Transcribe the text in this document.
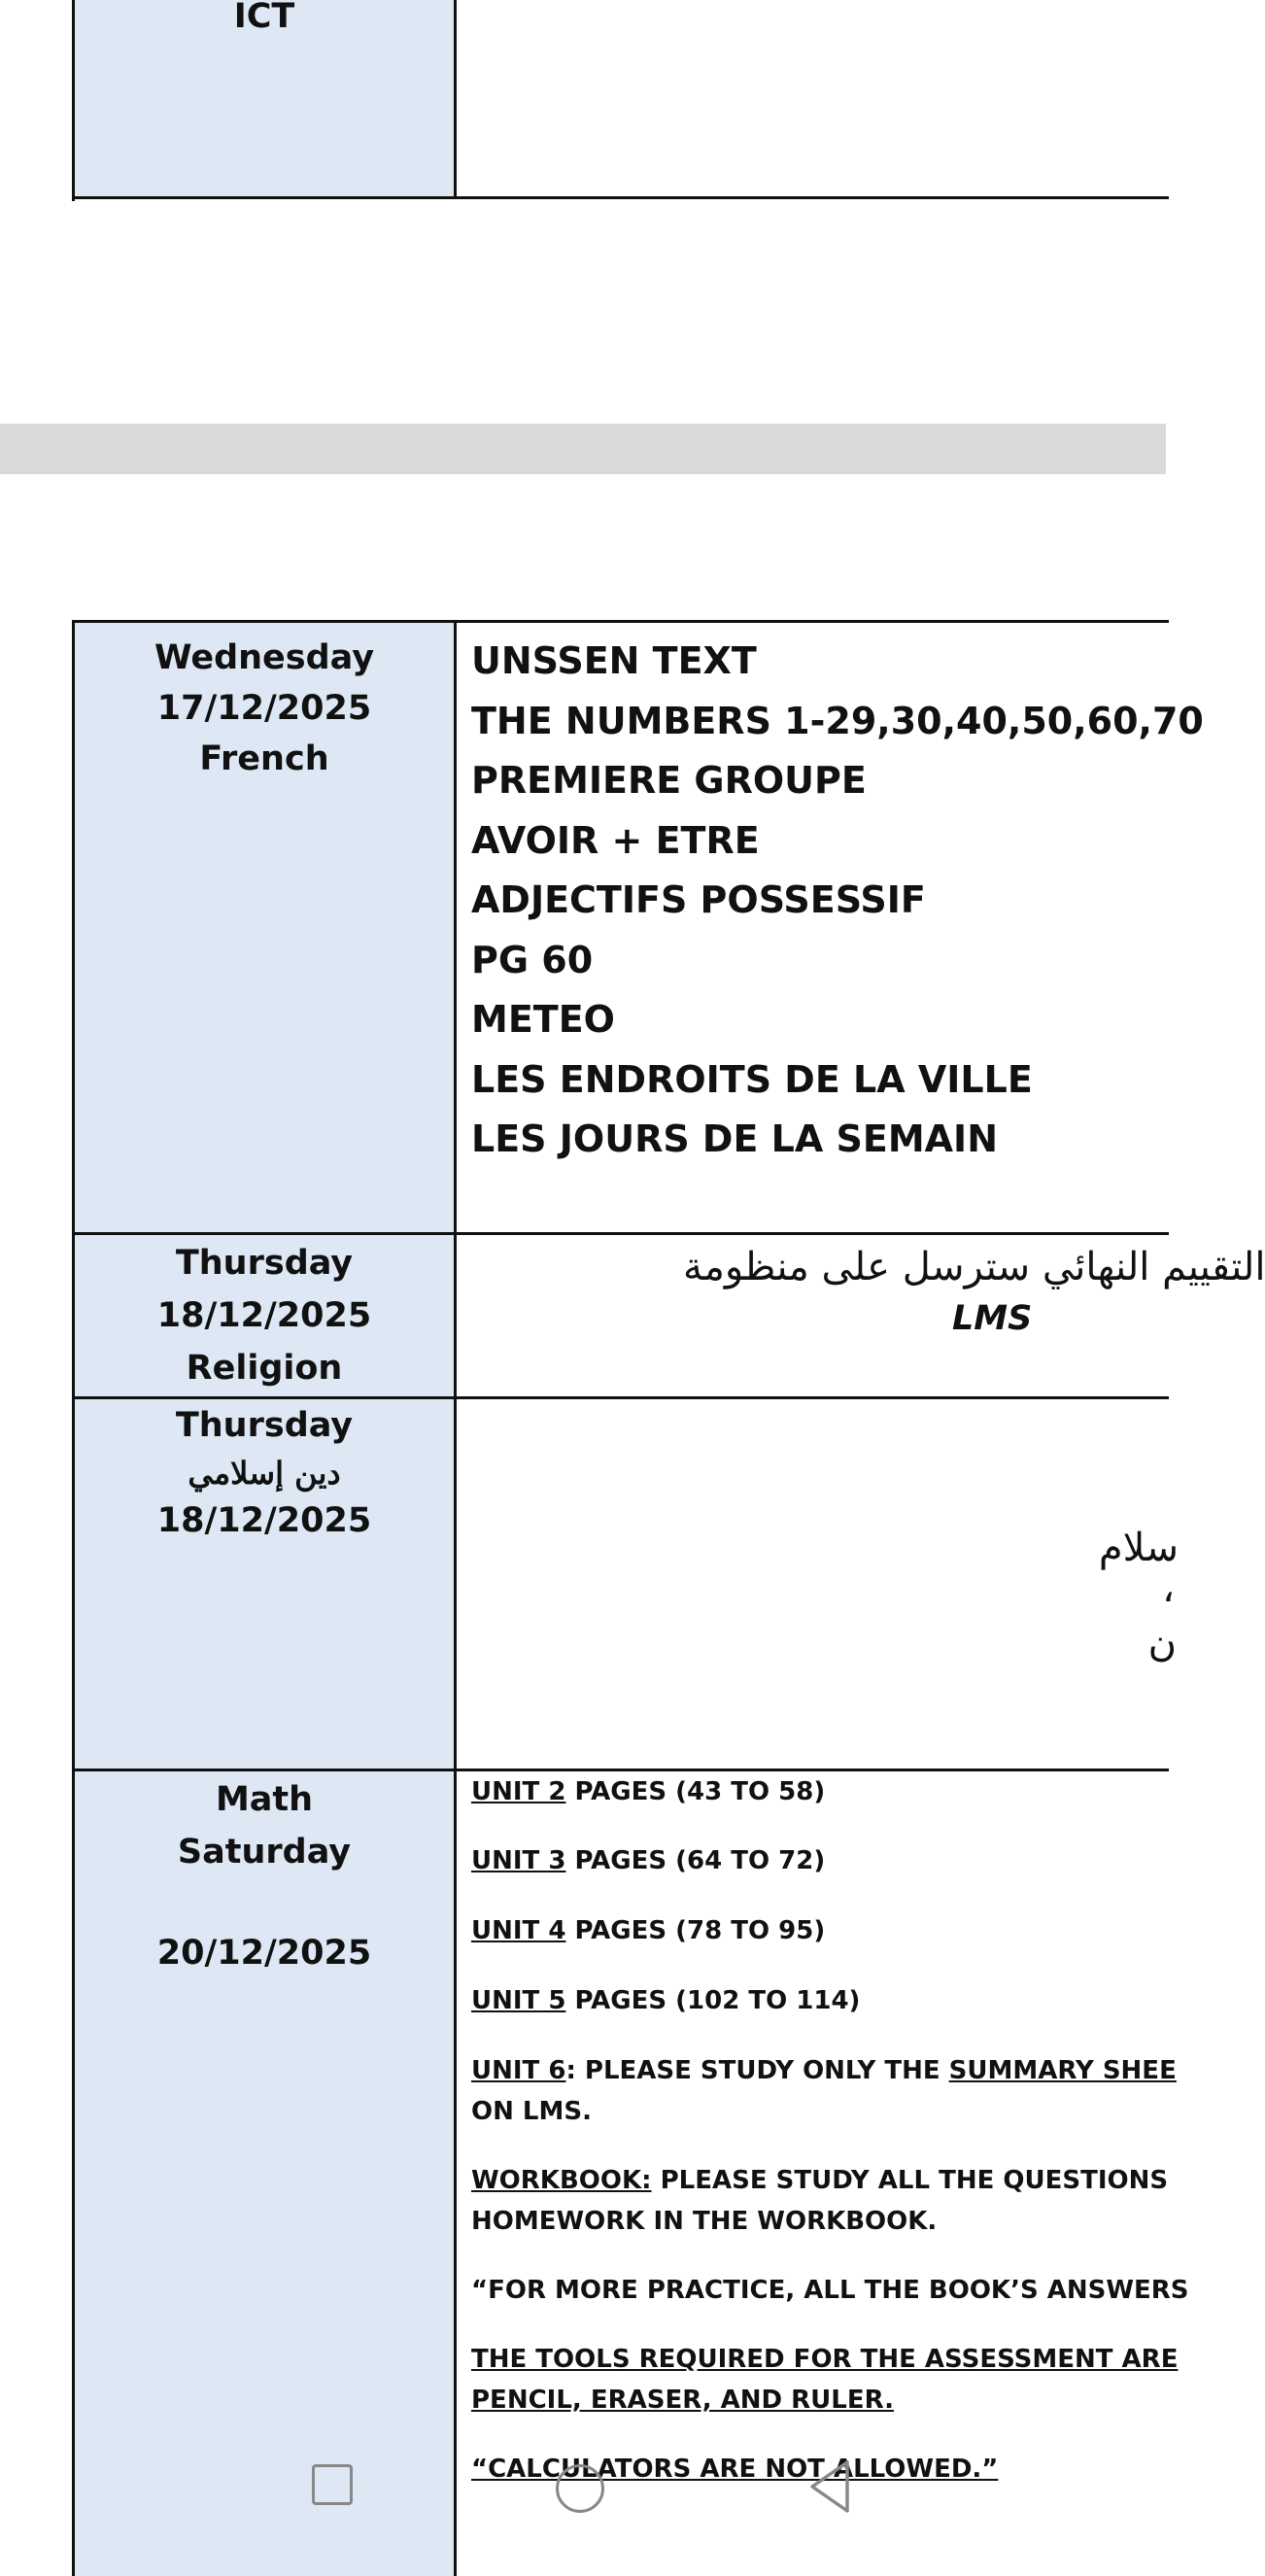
ICT
Wednesday
17/12/2025
French
UNSSEN TEXT
THE NUMBERS 1-29,30,40,50,60,70
PREMIERE GROUPE
AVOIR + ETRE
ADJECTIFS POSSESSIF
PG 60
METEO
LES ENDROITS DE LA VILLE
LES JOURS DE LA SEMAIN
Thursday
18/12/2025
Religion
التقييم النهائي سترسل على منظومة
LMS
Thursday
دين إسلامي
18/12/2025
سلام
،
ن
Math
Saturday
20/12/2025
UNIT 2 PAGES (43 TO 58)
UNIT 3 PAGES (64 TO 72)
UNIT 4 PAGES (78 TO 95)
UNIT 5 PAGES (102 TO 114)
UNIT 6: PLEASE STUDY ONLY THE SUMMARY SHEE
ON LMS.
WORKBOOK: PLEASE STUDY ALL THE QUESTIONS
HOMEWORK IN THE WORKBOOK.
“FOR MORE PRACTICE, ALL THE BOOK’S ANSWERS
THE TOOLS REQUIRED FOR THE ASSESSMENT ARE
PENCIL, ERASER, AND RULER.
“CALCULATORS ARE NOT ALLOWED.”
